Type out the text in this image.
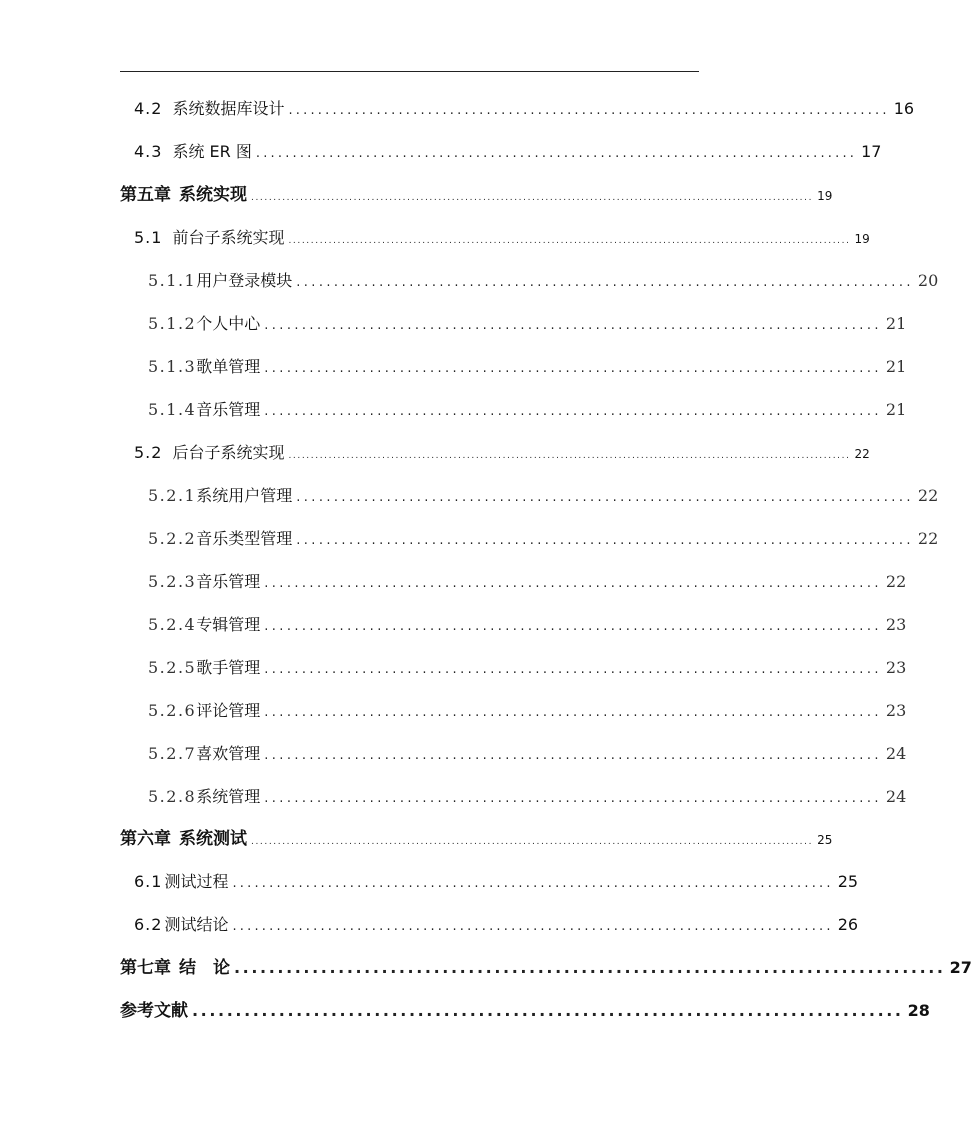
4.2 系统数据库设计 .................................................................................. 16
4.3 系统 ER 图 .................................................................................. 17
第五章 系统实现 .............................................................................................................................. 19
5.1 前台子系统实现 .............................................................................................................................. 19
5.1.1 用户登录模块 .................................................................................. 20
5.1.2 个人中心 .................................................................................. 21
5.1.3 歌单管理 .................................................................................. 21
5.1.4 音乐管理 .................................................................................. 21
5.2 后台子系统实现 .............................................................................................................................. 22
5.2.1 系统用户管理 .................................................................................. 22
5.2.2 音乐类型管理 .................................................................................. 22
5.2.3 音乐管理 .................................................................................. 22
5.2.4 专辑管理 .................................................................................. 23
5.2.5 歌手管理 .................................................................................. 23
5.2.6 评论管理 .................................................................................. 23
5.2.7 喜欢管理 .................................................................................. 24
5.2.8 系统管理 .................................................................................. 24
第六章 系统测试 .............................................................................................................................. 25
6.1 测试过程 .................................................................................. 25
6.2 测试结论 .................................................................................. 26
第七章 结　论 .................................................................................. 27
参考文献 .................................................................................. 28
